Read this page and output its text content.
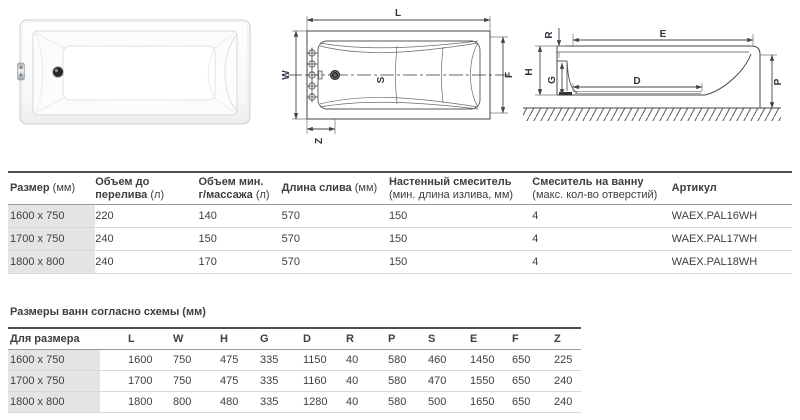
L
W	F
Z
S
R	E
H
G	D	P
Размер (мм)

Объем до
перелива (л)

Объем мин.
г/массажа (л)

Длина слива (мм)

Настенный смеситель
(мин. длина излива, мм)

Смеситель на ванну
(макс. кол-во отверстий)

Артикул

1600 x 750	220	140	570	150	4	WAEX.PAL16WH
1700 x 750	240	150	570	150	4	WAEX.PAL17WH
1800 x 800	240	170	570	150	4	WAEX.PAL18WH
Размеры ванн согласно схемы (мм)
Для размера	L	W	H	G	D	R	P	S	E	F	Z
1600 x 750	1600	750	475	335	1150	40	580	460	1450	650	225
1700 x 750	1700	750	475	335	1160	40	580	470	1550	650	240
1800 x 800	1800	800	480	335	1280	40	580	500	1650	650	240
